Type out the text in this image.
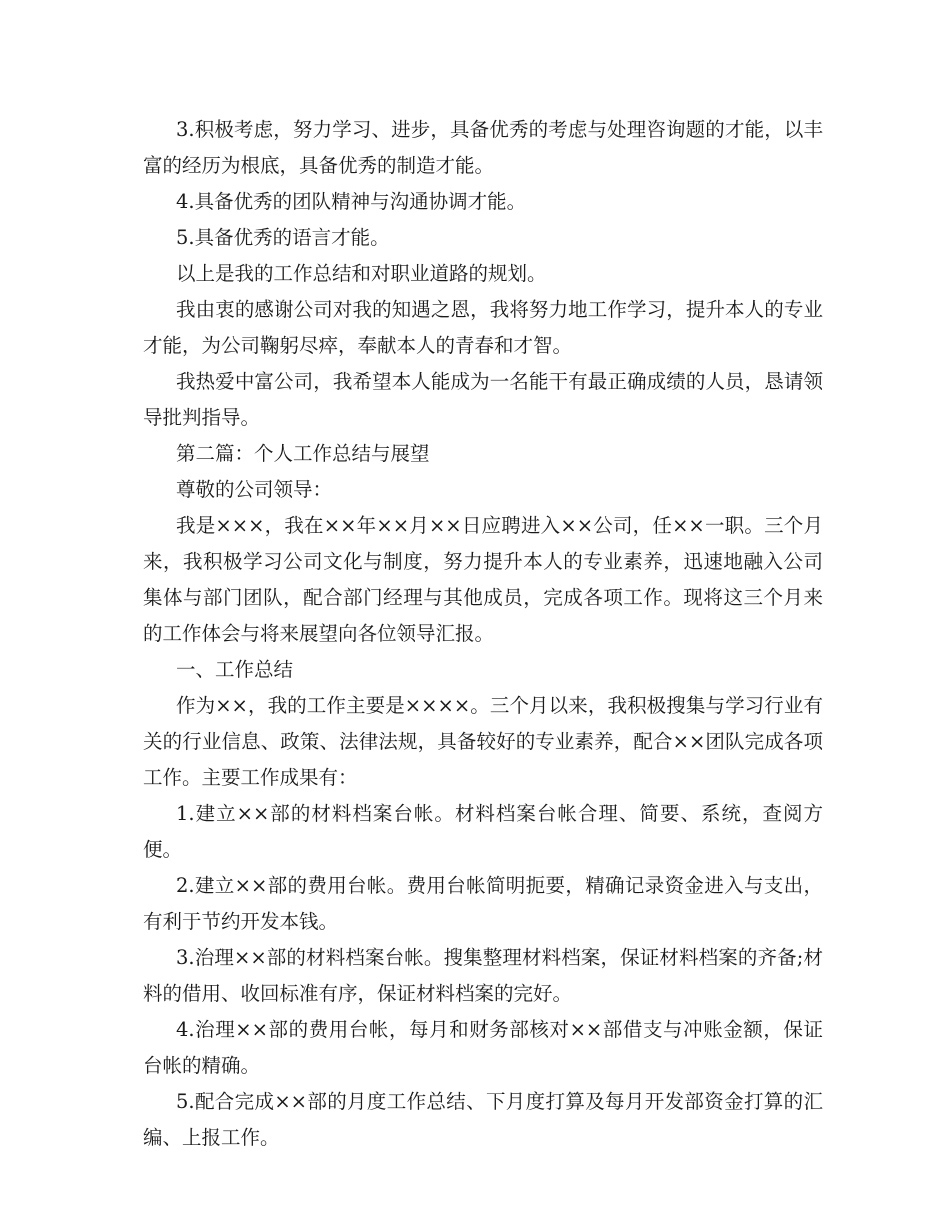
3.积极考虑，努力学习、进步，具备优秀的考虑与处理咨询题的才能，以丰富的经历为根底，具备优秀的制造才能。

4.具备优秀的团队精神与沟通协调才能。

5.具备优秀的语言才能。

以上是我的工作总结和对职业道路的规划。

我由衷的感谢公司对我的知遇之恩，我将努力地工作学习，提升本人的专业才能，为公司鞠躬尽瘁，奉献本人的青春和才智。

我热爱中富公司，我希望本人能成为一名能干有最正确成绩的人员，恳请领导批判指导。

第二篇：个人工作总结与展望

尊敬的公司领导：

我是×××，我在××年××月××日应聘进入××公司，任××一职。三个月来，我积极学习公司文化与制度，努力提升本人的专业素养，迅速地融入公司集体与部门团队，配合部门经理与其他成员，完成各项工作。现将这三个月来的工作体会与将来展望向各位领导汇报。

一、工作总结

作为××，我的工作主要是××××。三个月以来，我积极搜集与学习行业有关的行业信息、政策、法律法规，具备较好的专业素养，配合××团队完成各项工作。主要工作成果有：

1.建立××部的材料档案台帐。材料档案台帐合理、简要、系统，查阅方便。

2.建立××部的费用台帐。费用台帐简明扼要，精确记录资金进入与支出，有利于节约开发本钱。

3.治理××部的材料档案台帐。搜集整理材料档案，保证材料档案的齐备;材料的借用、收回标准有序，保证材料档案的完好。

4.治理××部的费用台帐，每月和财务部核对××部借支与冲账金额，保证台帐的精确。

5.配合完成××部的月度工作总结、下月度打算及每月开发部资金打算的汇编、上报工作。
